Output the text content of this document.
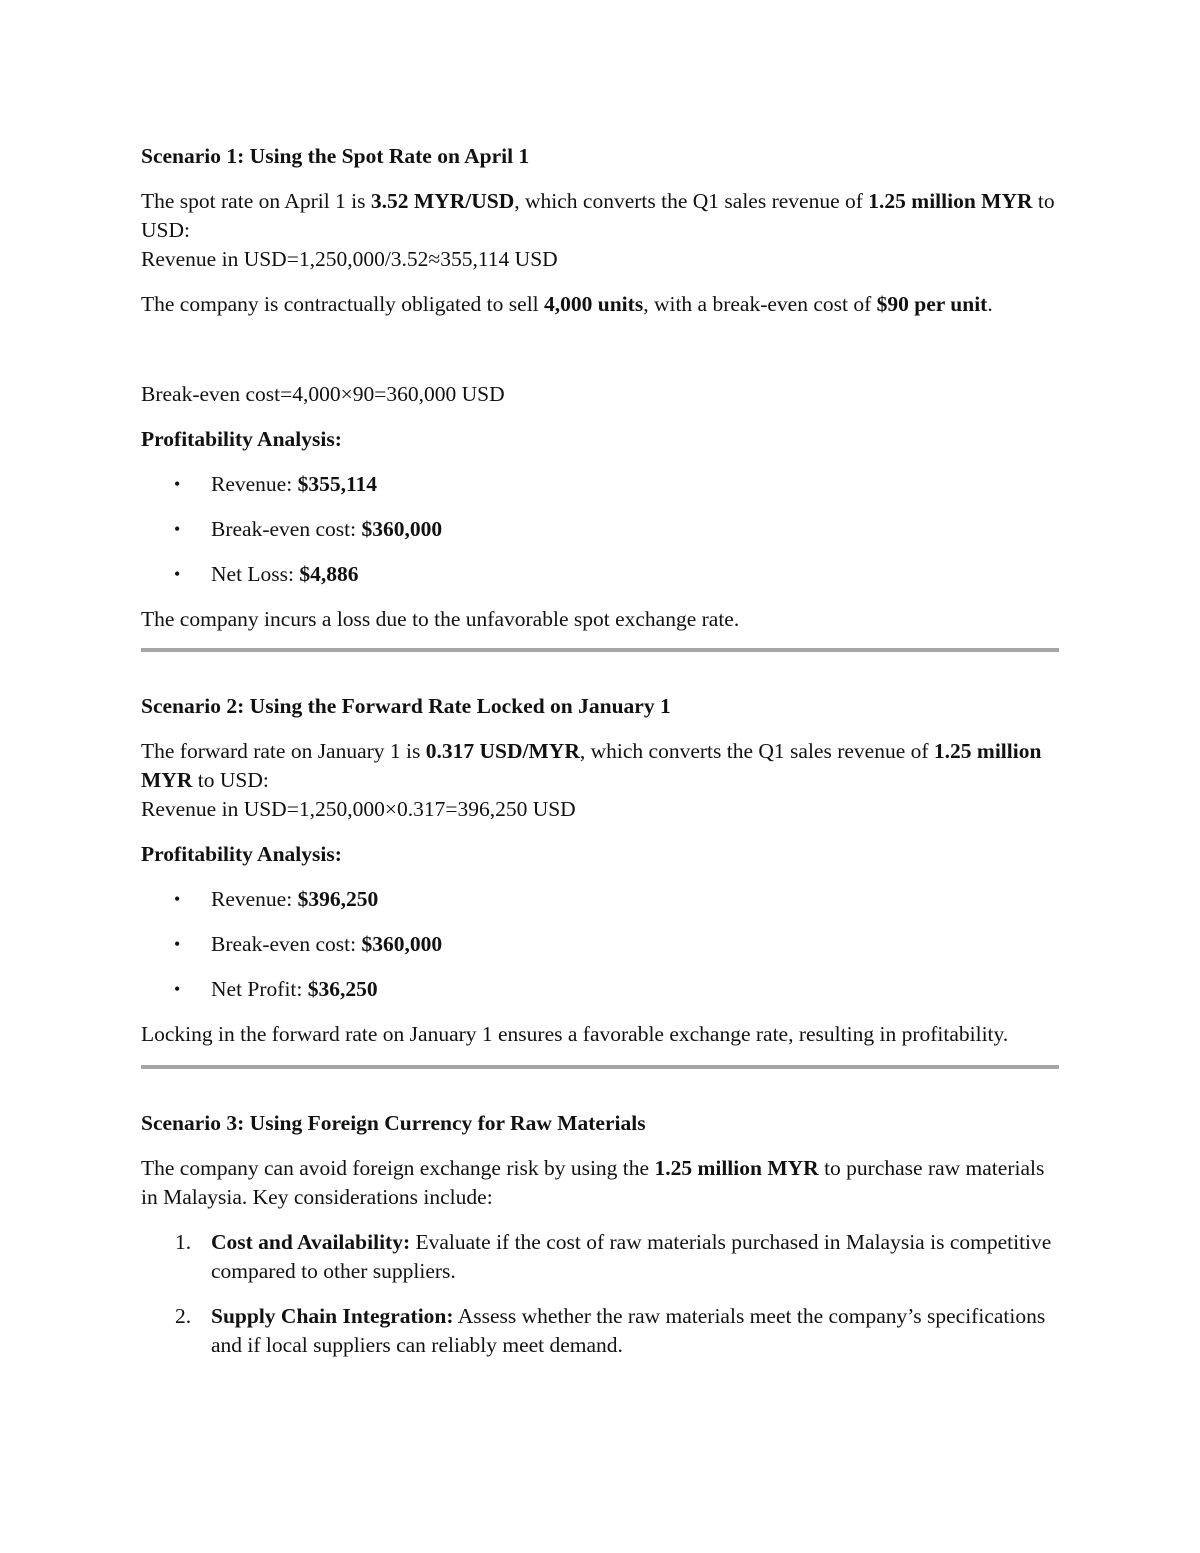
Scenario 1: Using the Spot Rate on April 1

The spot rate on April 1 is 3.52 MYR/USD, which converts the Q1 sales revenue of 1.25 million MYR to USD:
Revenue in USD=1,250,000/3.52≈355,114 USD

The company is contractually obligated to sell 4,000 units, with a break-even cost of $90 per unit.

Break-even cost=4,000×90=360,000 USD

Profitability Analysis:

• Revenue: $355,114
• Break-even cost: $360,000
• Net Loss: $4,886

The company incurs a loss due to the unfavorable spot exchange rate.

Scenario 2: Using the Forward Rate Locked on January 1

The forward rate on January 1 is 0.317 USD/MYR, which converts the Q1 sales revenue of 1.25 million MYR to USD:
Revenue in USD=1,250,000×0.317=396,250 USD

Profitability Analysis:

• Revenue: $396,250
• Break-even cost: $360,000
• Net Profit: $36,250

Locking in the forward rate on January 1 ensures a favorable exchange rate, resulting in profitability.

Scenario 3: Using Foreign Currency for Raw Materials

The company can avoid foreign exchange risk by using the 1.25 million MYR to purchase raw materials in Malaysia. Key considerations include:

1. Cost and Availability: Evaluate if the cost of raw materials purchased in Malaysia is competitive compared to other suppliers.
2. Supply Chain Integration: Assess whether the raw materials meet the company’s specifications and if local suppliers can reliably meet demand.
